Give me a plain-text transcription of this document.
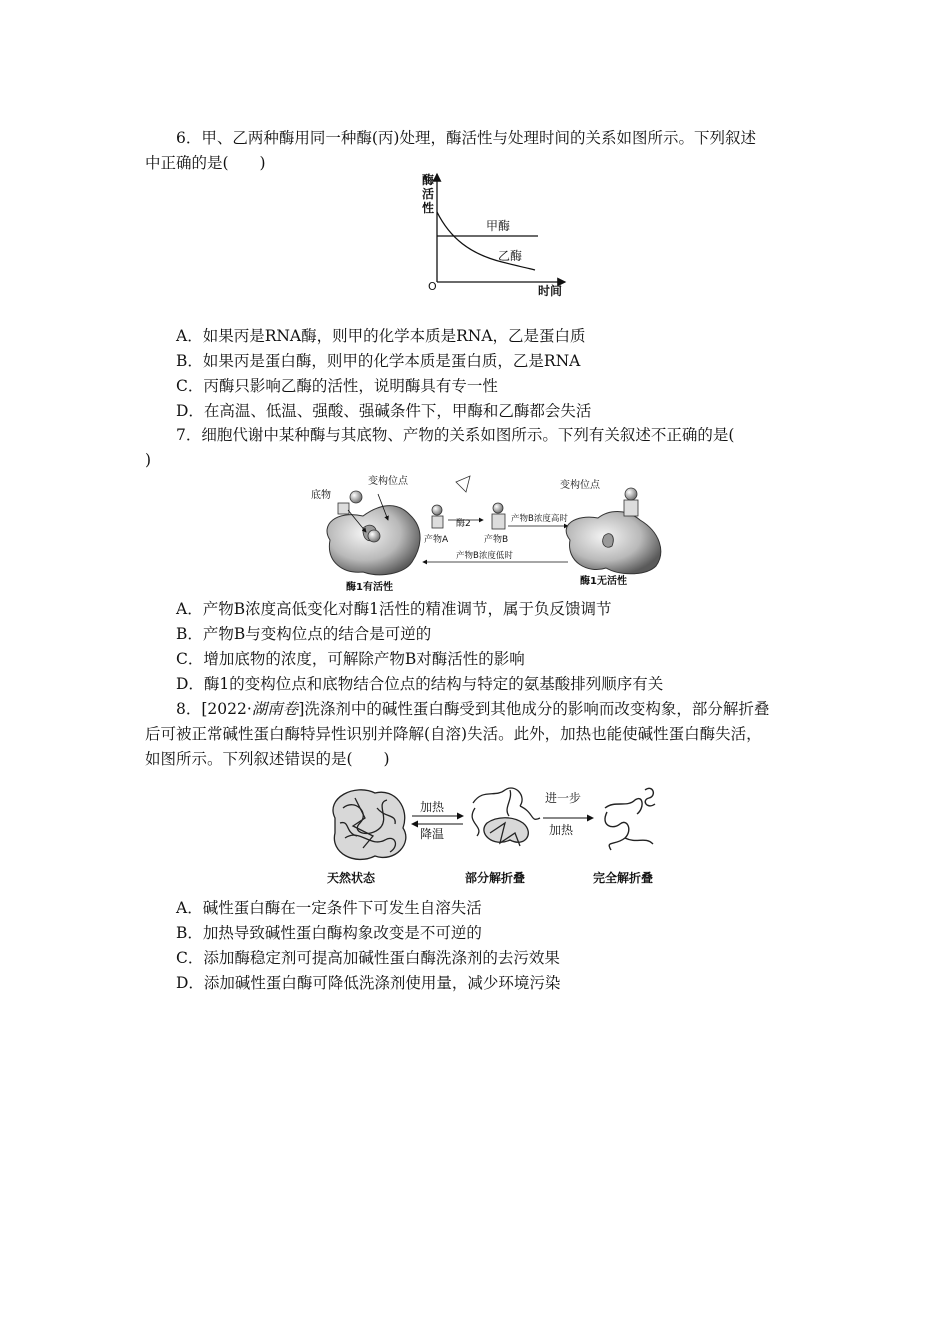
6．甲、乙两种酶用同一种酶(丙)处理，酶活性与处理时间的关系如图所示。下列叙述
中正确的是(　　)
酶
活
性
O	时间
甲酶
乙酶
A．如果丙是RNA酶，则甲的化学本质是RNA，乙是蛋白质
B．如果丙是蛋白酶，则甲的化学本质是蛋白质，乙是RNA
C．丙酶只影响乙酶的活性，说明酶具有专一性
D．在高温、低温、强酸、强碱条件下，甲酶和乙酶都会失活
7．细胞代谢中某种酶与其底物、产物的关系如图所示。下列有关叙述不正确的是(
)
底物
变构位点
酶1有活性
产物A
酶2
产物B
产物B浓度高时
产物B浓度低时
变构位点
酶1无活性
A．产物B浓度高低变化对酶1活性的精准调节，属于负反馈调节
B．产物B与变构位点的结合是可逆的
C．增加底物的浓度，可解除产物B对酶活性的影响
D．酶1的变构位点和底物结合位点的结构与特定的氨基酸排列顺序有关
8．[2022·湖南卷]洗涤剂中的碱性蛋白酶受到其他成分的影响而改变构象，部分解折叠
后可被正常碱性蛋白酶特异性识别并降解(自溶)失活。此外，加热也能使碱性蛋白酶失活，
如图所示。下列叙述错误的是(　　)
天然状态
加热
降温
部分解折叠
进一步
加热
完全解折叠
A．碱性蛋白酶在一定条件下可发生自溶失活
B．加热导致碱性蛋白酶构象改变是不可逆的
C．添加酶稳定剂可提高加碱性蛋白酶洗涤剂的去污效果
D．添加碱性蛋白酶可降低洗涤剂使用量，减少环境污染
